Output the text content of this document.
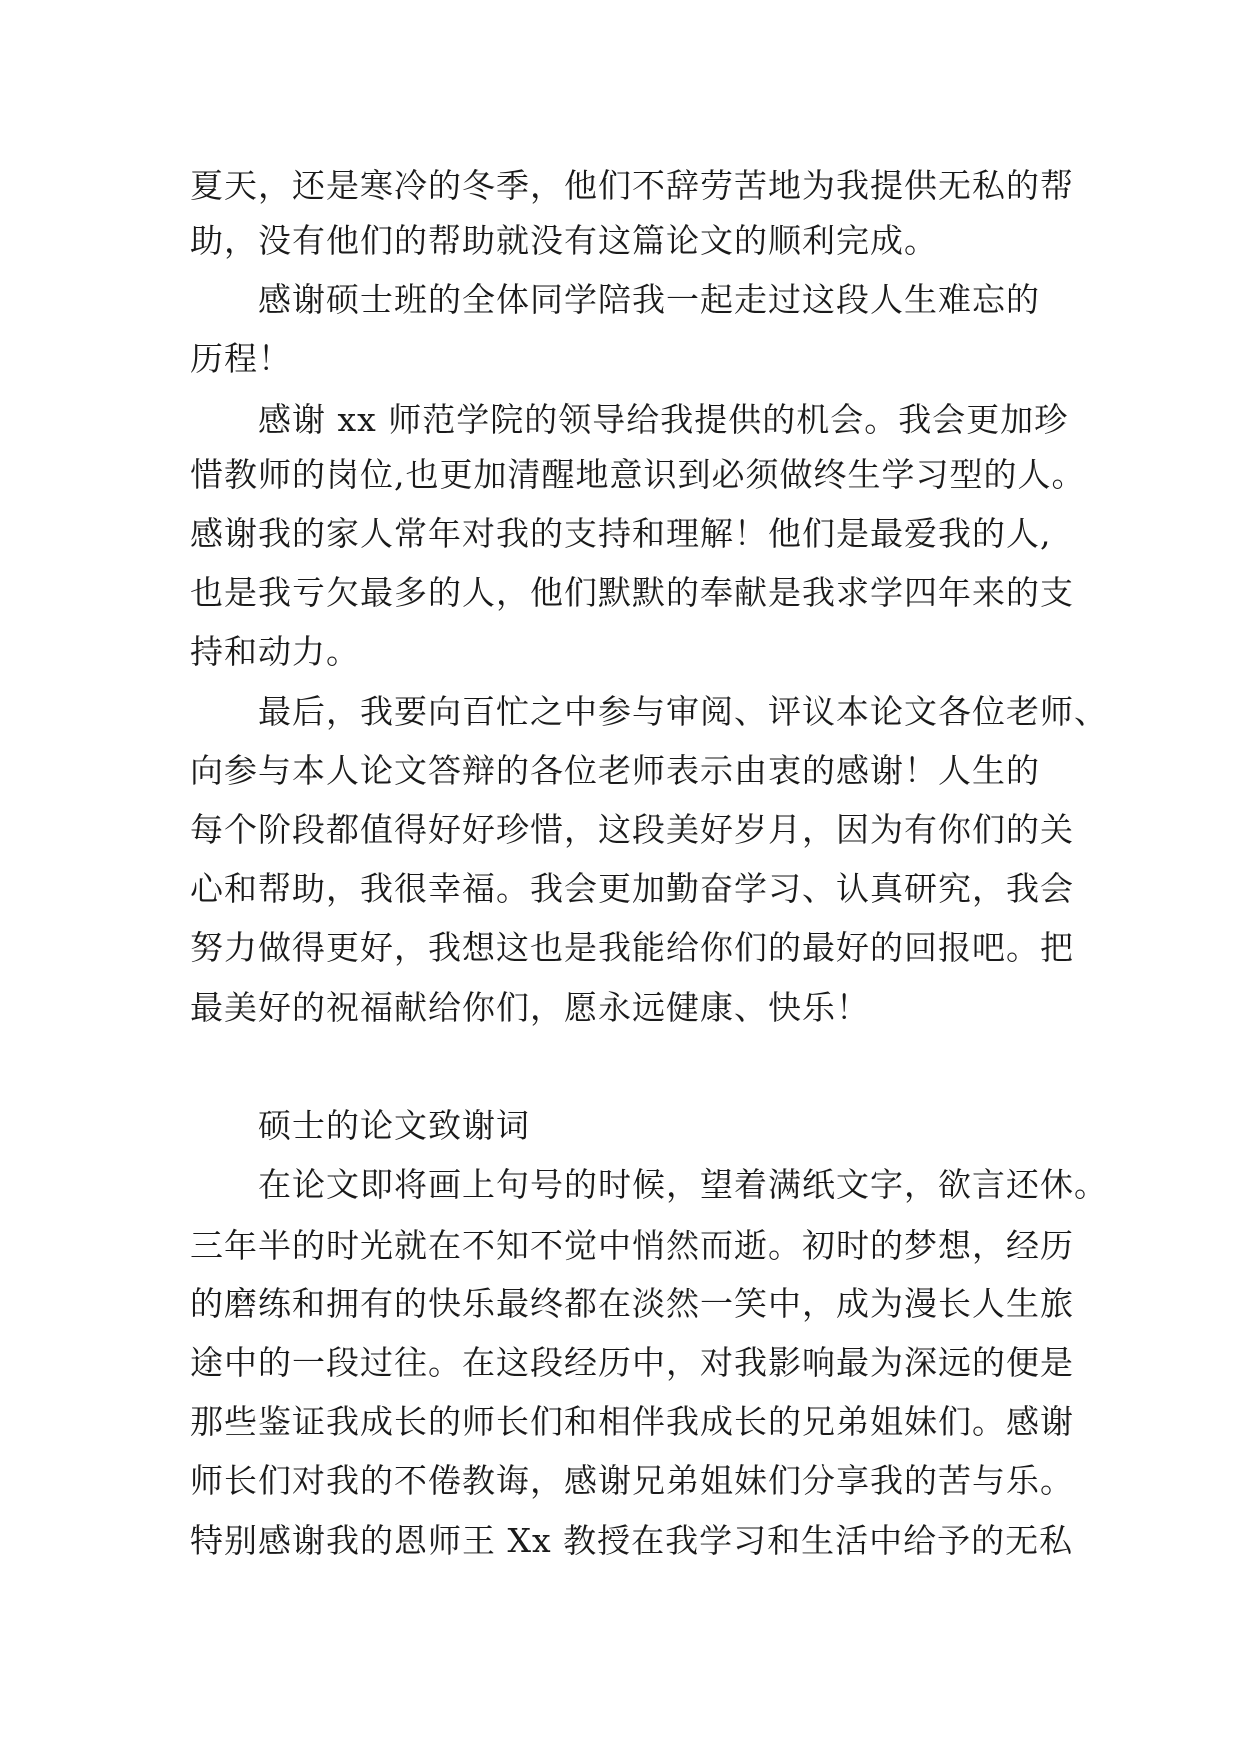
夏天，还是寒冷的冬季，他们不辞劳苦地为我提供无私的帮
助，没有他们的帮助就没有这篇论文的顺利完成。
感谢硕士班的全体同学陪我一起走过这段人生难忘的
历程！
感谢 xx 师范学院的领导给我提供的机会。我会更加珍
惜教师的岗位,也更加清醒地意识到必须做终生学习型的人。
感谢我的家人常年对我的支持和理解！他们是最爱我的人,
也是我亏欠最多的人，他们默默的奉献是我求学四年来的支
持和动力。
最后，我要向百忙之中参与审阅、评议本论文各位老师、
向参与本人论文答辩的各位老师表示由衷的感谢！人生的
每个阶段都值得好好珍惜，这段美好岁月，因为有你们的关
心和帮助，我很幸福。我会更加勤奋学习、认真研究，我会
努力做得更好，我想这也是我能给你们的最好的回报吧。把
最美好的祝福献给你们，愿永远健康、快乐！
硕士的论文致谢词
在论文即将画上句号的时候，望着满纸文字，欲言还休。
三年半的时光就在不知不觉中悄然而逝。初时的梦想，经历
的磨练和拥有的快乐最终都在淡然一笑中，成为漫长人生旅
途中的一段过往。在这段经历中，对我影响最为深远的便是
那些鉴证我成长的师长们和相伴我成长的兄弟姐妹们。感谢
师长们对我的不倦教诲，感谢兄弟姐妹们分享我的苦与乐。
特别感谢我的恩师王 Xx 教授在我学习和生活中给予的无私
